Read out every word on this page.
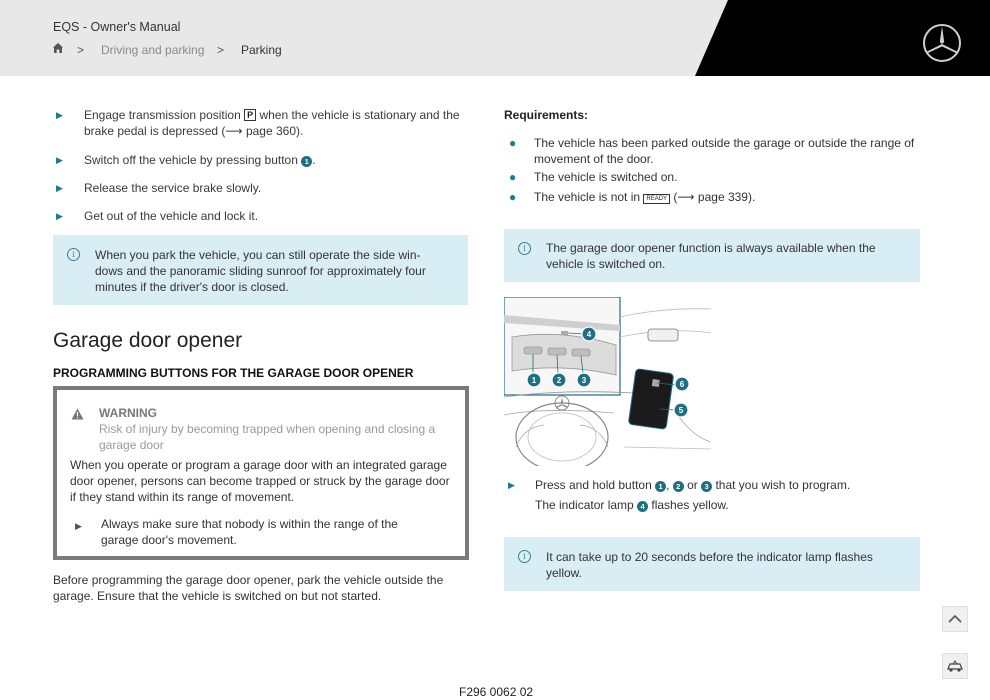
EQS - Owner's Manual
> Driving and parking > Parking
▶ Engage transmission position P when the vehicle is stationary and the brake pedal is depressed (⟶ page 360).
▶ Switch off the vehicle by pressing button 1 .
▶ Release the service brake slowly.
▶ Get out of the vehicle and lock it.
i	When you park the vehicle, you can still operate the side win-dows and the panoramic sliding sunroof for approximately four minutes if the driver's door is closed.
Garage door opener
PROGRAMMING BUTTONS FOR THE GARAGE DOOR OPENER
WARNING
Risk of injury by becoming trapped when opening and closing a garage door
When you operate or program a garage door with an integrated garage door opener, persons can become trapped or struck by the garage door if they stand within its range of movement.
▶ Always make sure that nobody is within the range of the garage door's movement.
Before programming the garage door opener, park the vehicle outside the garage. Ensure that the vehicle is switched on but not started.
Requirements:
● The vehicle has been parked outside the garage or outside the range of movement of the door.
● The vehicle is switched on.
● The vehicle is not in READY (⟶ page 339).
i	The garage door opener function is always available when the vehicle is switched on.
4
1	2	3	6
5
▶ Press and hold button 1 , 2 or 3 that you wish to program.
The indicator lamp 4 flashes yellow.
i	It can take up to 20 seconds before the indicator lamp flashes yellow.
F296 0062 02
